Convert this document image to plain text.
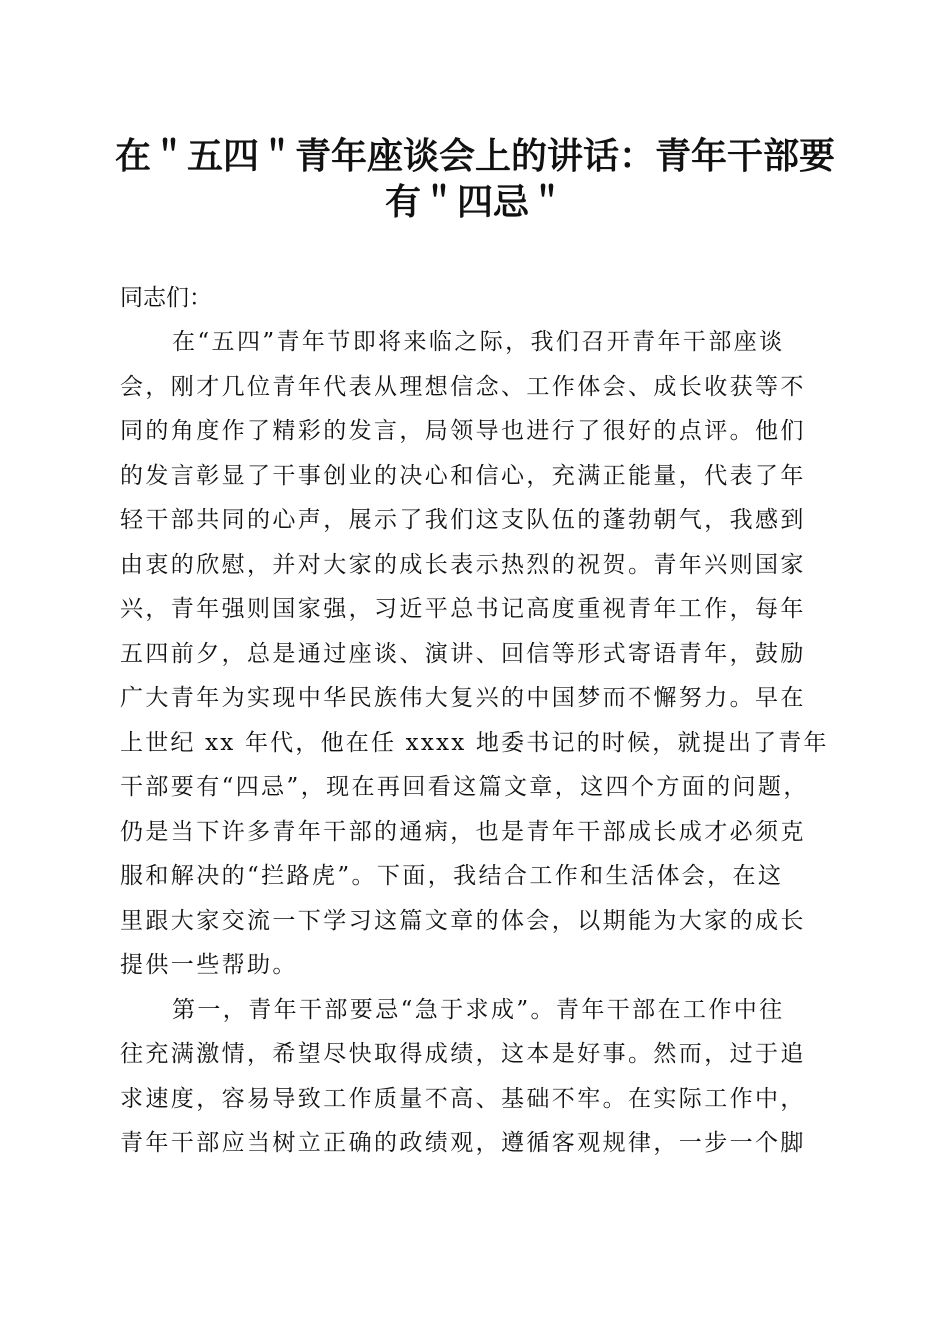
在＂五四＂青年座谈会上的讲话：青年干部要
有＂四忌＂

同志们：

在“五四”青年节即将来临之际，我们召开青年干部座谈
会，刚才几位青年代表从理想信念、工作体会、成长收获等不
同的角度作了精彩的发言，局领导也进行了很好的点评。他们
的发言彰显了干事创业的决心和信心，充满正能量，代表了年
轻干部共同的心声，展示了我们这支队伍的蓬勃朝气，我感到
由衷的欣慰，并对大家的成长表示热烈的祝贺。青年兴则国家
兴，青年强则国家强，习近平总书记高度重视青年工作，每年
五四前夕，总是通过座谈、演讲、回信等形式寄语青年，鼓励
广大青年为实现中华民族伟大复兴的中国梦而不懈努力。早在
上世纪 xx 年代，他在任 xxxx 地委书记的时候，就提出了青年
干部要有“四忌”，现在再回看这篇文章，这四个方面的问题，
仍是当下许多青年干部的通病，也是青年干部成长成才必须克
服和解决的“拦路虎”。下面，我结合工作和生活体会，在这
里跟大家交流一下学习这篇文章的体会，以期能为大家的成长
提供一些帮助。

第一，青年干部要忌“急于求成”。青年干部在工作中往
往充满激情，希望尽快取得成绩，这本是好事。然而，过于追
求速度，容易导致工作质量不高、基础不牢。在实际工作中，
青年干部应当树立正确的政绩观，遵循客观规律，一步一个脚
